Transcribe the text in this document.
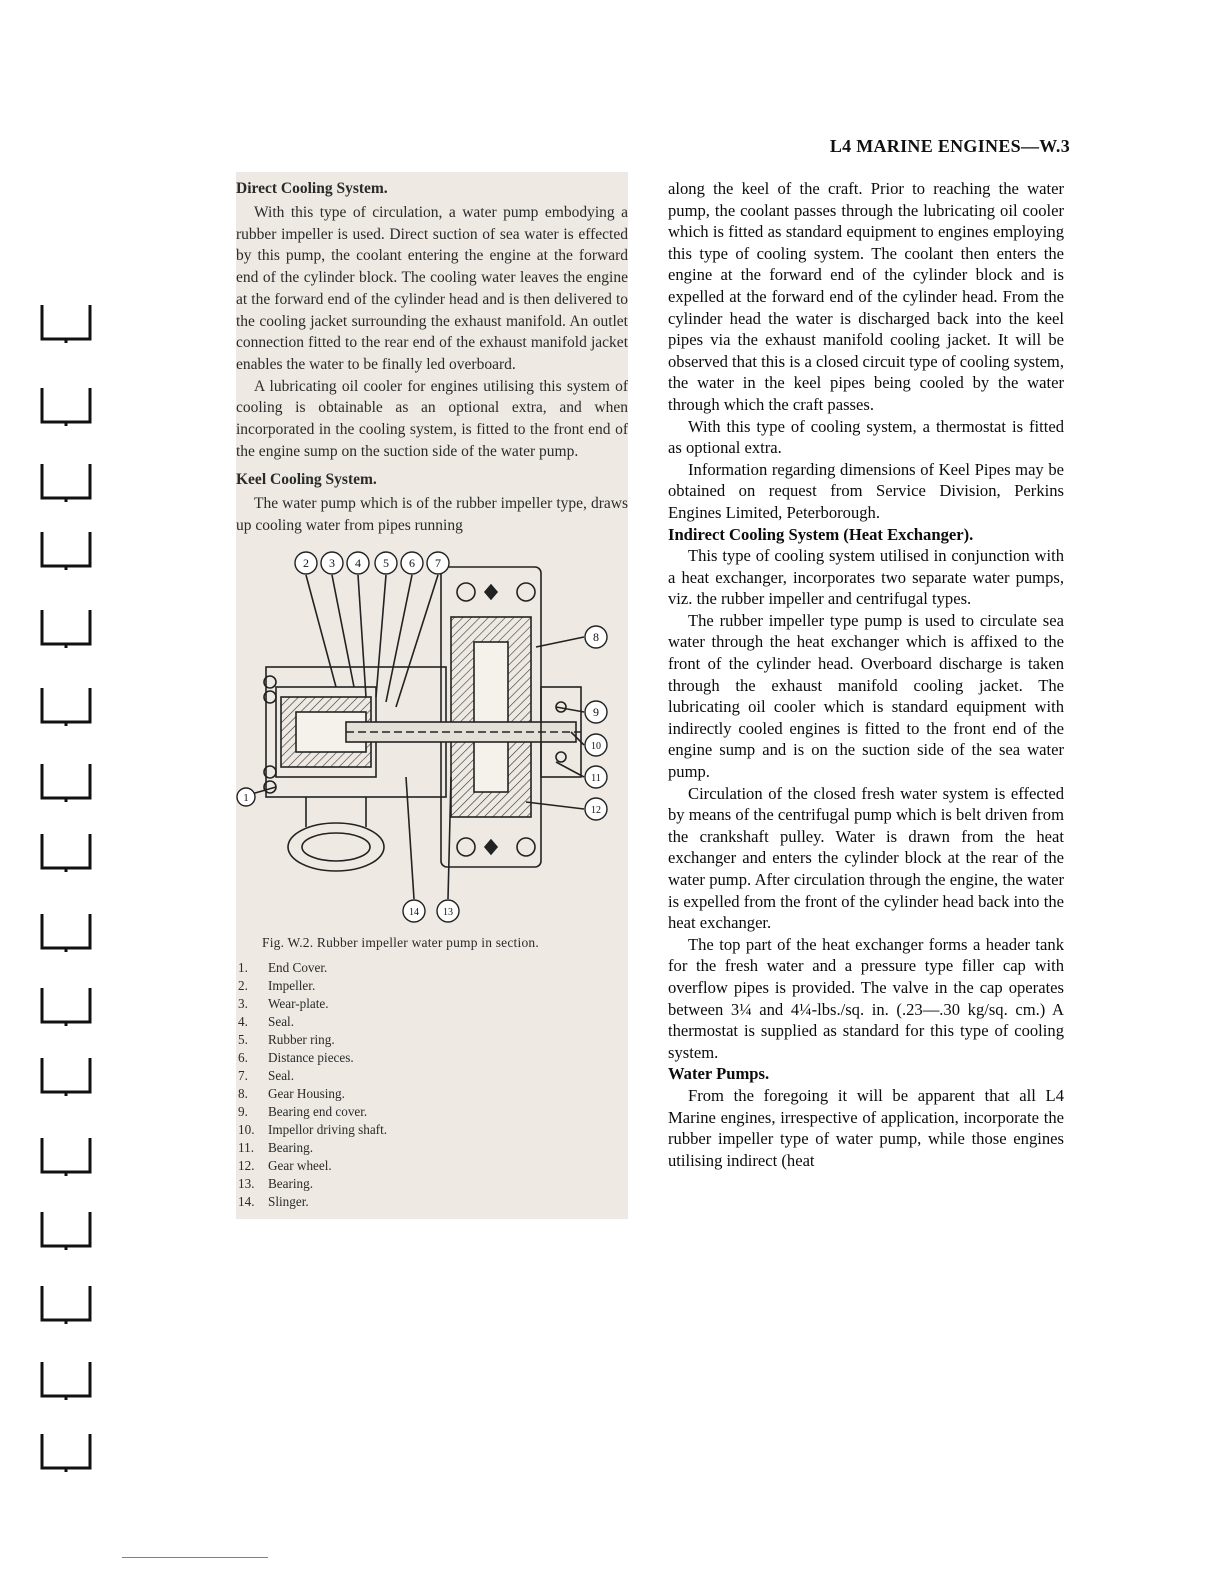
L4 MARINE ENGINES—W.3

Direct Cooling System.

With this type of circulation, a water pump embodying a rubber impeller is used. Direct suction of sea water is effected by this pump, the coolant entering the engine at the forward end of the cylinder block. The cooling water leaves the engine at the forward end of the cylinder head and is then delivered to the cooling jacket surrounding the exhaust manifold. An outlet connection fitted to the rear end of the exhaust manifold jacket enables the water to be finally led overboard.

A lubricating oil cooler for engines utilising this system of cooling is obtainable as an optional extra, and when incorporated in the cooling system, is fitted to the front end of the engine sump on the suction side of the water pump.

Keel Cooling System.

The water pump which is of the rubber impeller type, draws up cooling water from pipes running

2 3 4 5 6 7
8
9
10
11
12
1
14 13

Fig. W.2. Rubber impeller water pump in section.

1.	End Cover.
2.	Impeller.
3.	Wear-plate.
4.	Seal.
5.	Rubber ring.
6.	Distance pieces.
7.	Seal.
8.	Gear Housing.
9.	Bearing end cover.
10.	Impellor driving shaft.
11.	Bearing.
12.	Gear wheel.
13.	Bearing.
14.	Slinger.

along the keel of the craft. Prior to reaching the water pump, the coolant passes through the lubricating oil cooler which is fitted as standard equipment to engines employing this type of cooling system. The coolant then enters the engine at the forward end of the cylinder block and is expelled at the forward end of the cylinder head. From the cylinder head the water is discharged back into the keel pipes via the exhaust manifold cooling jacket. It will be observed that this is a closed circuit type of cooling system, the water in the keel pipes being cooled by the water through which the craft passes.

With this type of cooling system, a thermostat is fitted as optional extra.

Information regarding dimensions of Keel Pipes may be obtained on request from Service Division, Perkins Engines Limited, Peterborough.

Indirect Cooling System (Heat Exchanger).

This type of cooling system utilised in conjunction with a heat exchanger, incorporates two separate water pumps, viz. the rubber impeller and centrifugal types.

The rubber impeller type pump is used to circulate sea water through the heat exchanger which is affixed to the front of the cylinder head. Overboard discharge is taken through the exhaust manifold cooling jacket. The lubricating oil cooler which is standard equipment with indirectly cooled engines is fitted to the front end of the engine sump and is on the suction side of the sea water pump.

Circulation of the closed fresh water system is effected by means of the centrifugal pump which is belt driven from the crankshaft pulley. Water is drawn from the heat exchanger and enters the cylinder block at the rear of the water pump. After circulation through the engine, the water is expelled from the front of the cylinder head back into the heat exchanger.

The top part of the heat exchanger forms a header tank for the fresh water and a pressure type filler cap with overflow pipes is provided. The valve in the cap operates between 3¼ and 4¼-lbs./sq. in. (.23—.30 kg/sq. cm.) A thermostat is supplied as standard for this type of cooling system.

Water Pumps.

From the foregoing it will be apparent that all L4 Marine engines, irrespective of application, incorporate the rubber impeller type of water pump, while those engines utilising indirect (heat
